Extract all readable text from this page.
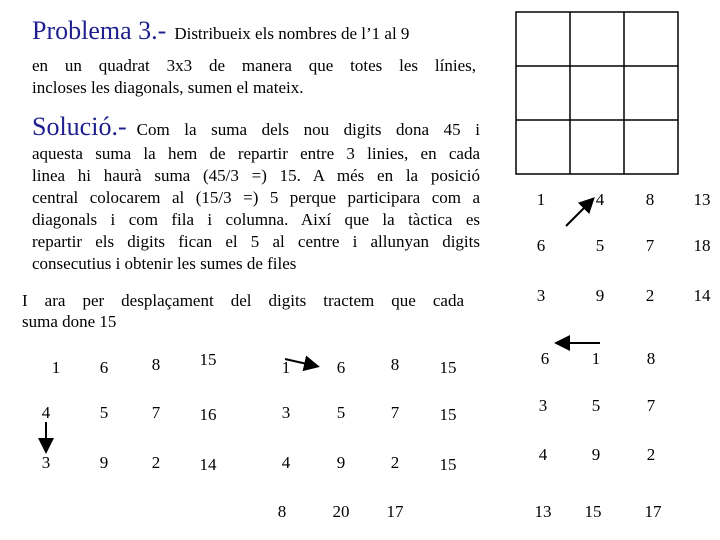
Problema 3.- Distribueix els nombres de l’1 al 9
en un quadrat 3x3 de manera que totes les línies,
incloses les diagonals, sumen el mateix.
Solució.- Com la suma dels nou digits dona 45 i
aquesta suma la hem de repartir entre 3 linies, en cada
linea hi haurà suma (45/3 =) 15. A més en la posició
central colocarem al (15/3 =) 5 perque participara com a
diagonals i com fila i columna. Així que la tàctica es
repartir els digits fican el 5 al centre i allunyan digits
consecutius i obtenir les sumes de files
I ara per desplaçament del digits tractem que cada
suma done 15
1	4	8	13
6	5	7	18
3	9	2	14
1	6	8	15
4	5	7	16
3	9	2	14
1	6	8	15
3	5	7	15
4	9	2	15
8	20	17
6	1	8
3	5	7
4	9	2
13	15	17
